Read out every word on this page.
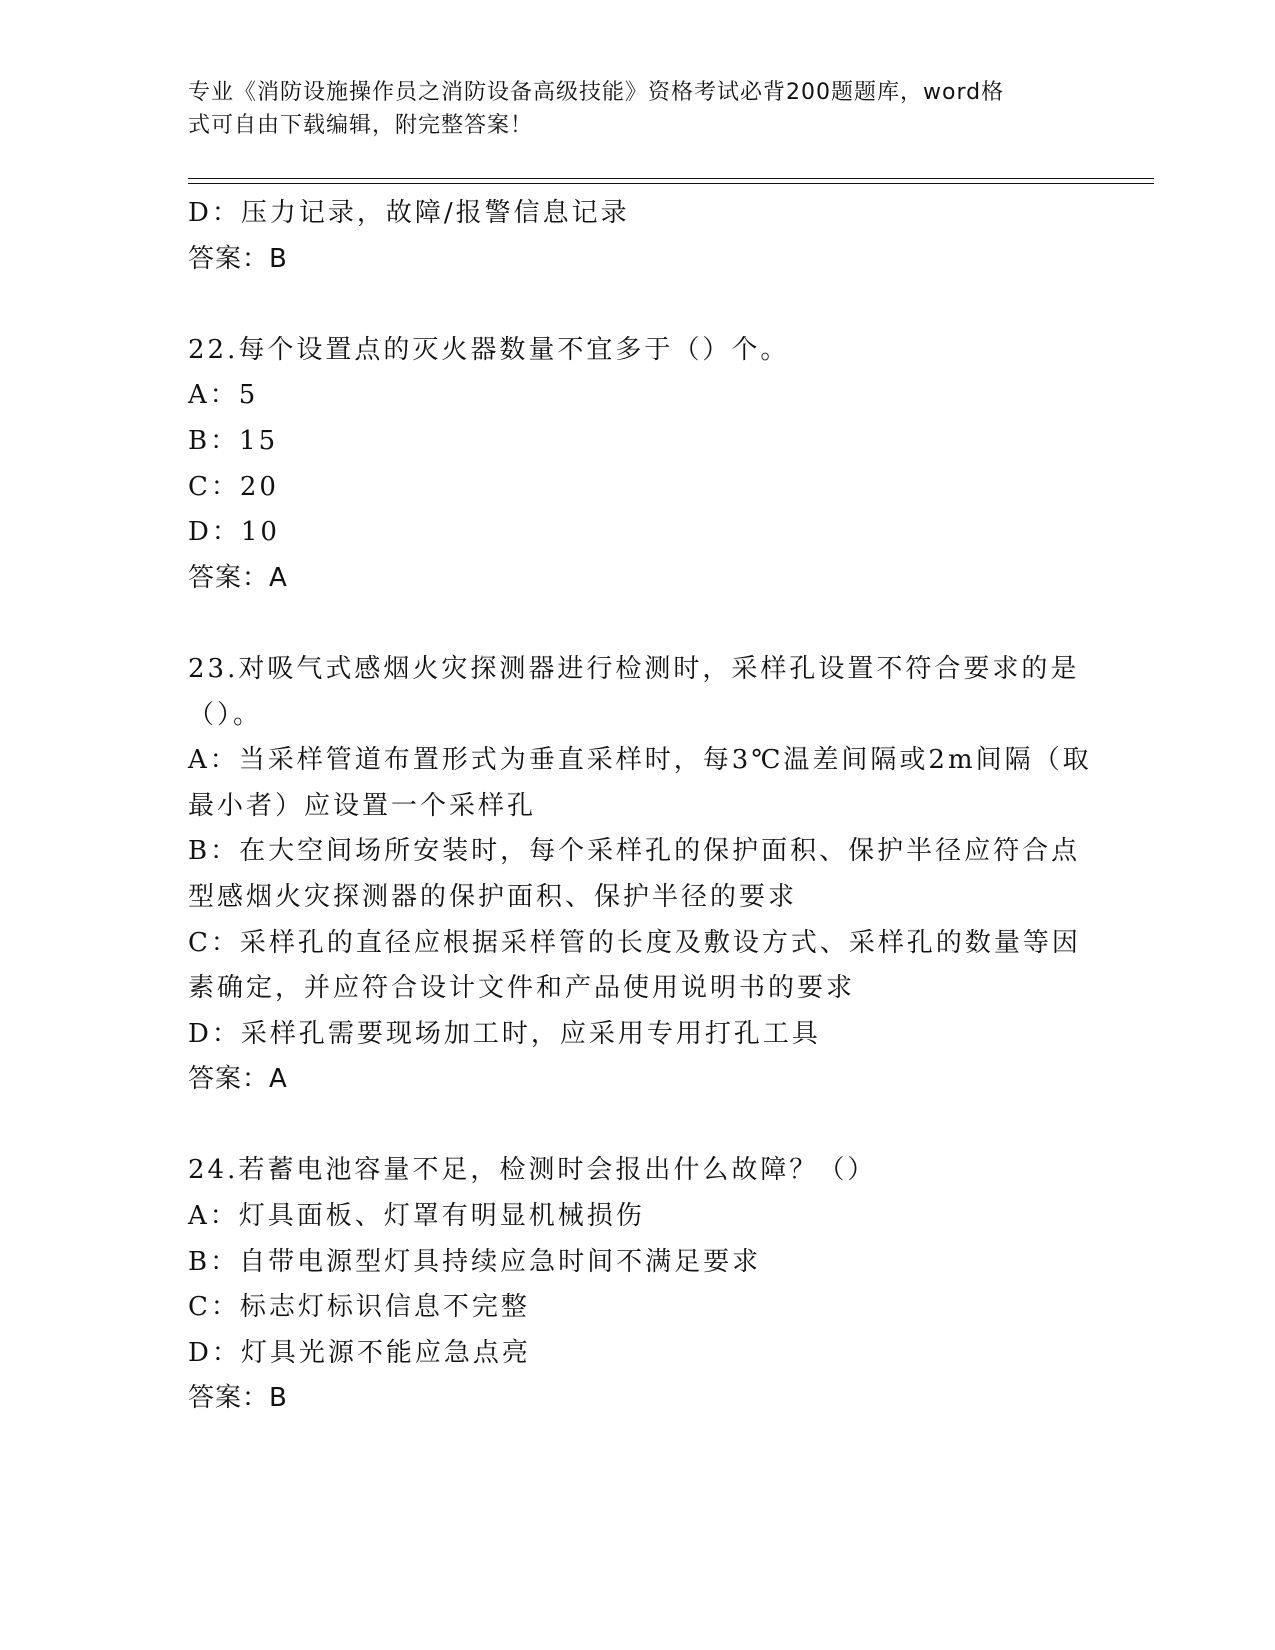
专业《消防设施操作员之消防设备高级技能》资格考试必背200题题库，word格
式可自由下载编辑，附完整答案！
D：压力记录，故障/报警信息记录
答案：B
22.每个设置点的灭火器数量不宜多于（）个。
A：5
B：15
C：20
D：10
答案：A
23.对吸气式感烟火灾探测器进行检测时，采样孔设置不符合要求的是
（）。
A：当采样管道布置形式为垂直采样时，每3℃温差间隔或2m间隔（取
最小者）应设置一个采样孔
B：在大空间场所安装时，每个采样孔的保护面积、保护半径应符合点
型感烟火灾探测器的保护面积、保护半径的要求
C：采样孔的直径应根据采样管的长度及敷设方式、采样孔的数量等因
素确定，并应符合设计文件和产品使用说明书的要求
D：采样孔需要现场加工时，应采用专用打孔工具
答案：A
24.若蓄电池容量不足，检测时会报出什么故障？（）
A：灯具面板、灯罩有明显机械损伤
B：自带电源型灯具持续应急时间不满足要求
C：标志灯标识信息不完整
D：灯具光源不能应急点亮
答案：B
